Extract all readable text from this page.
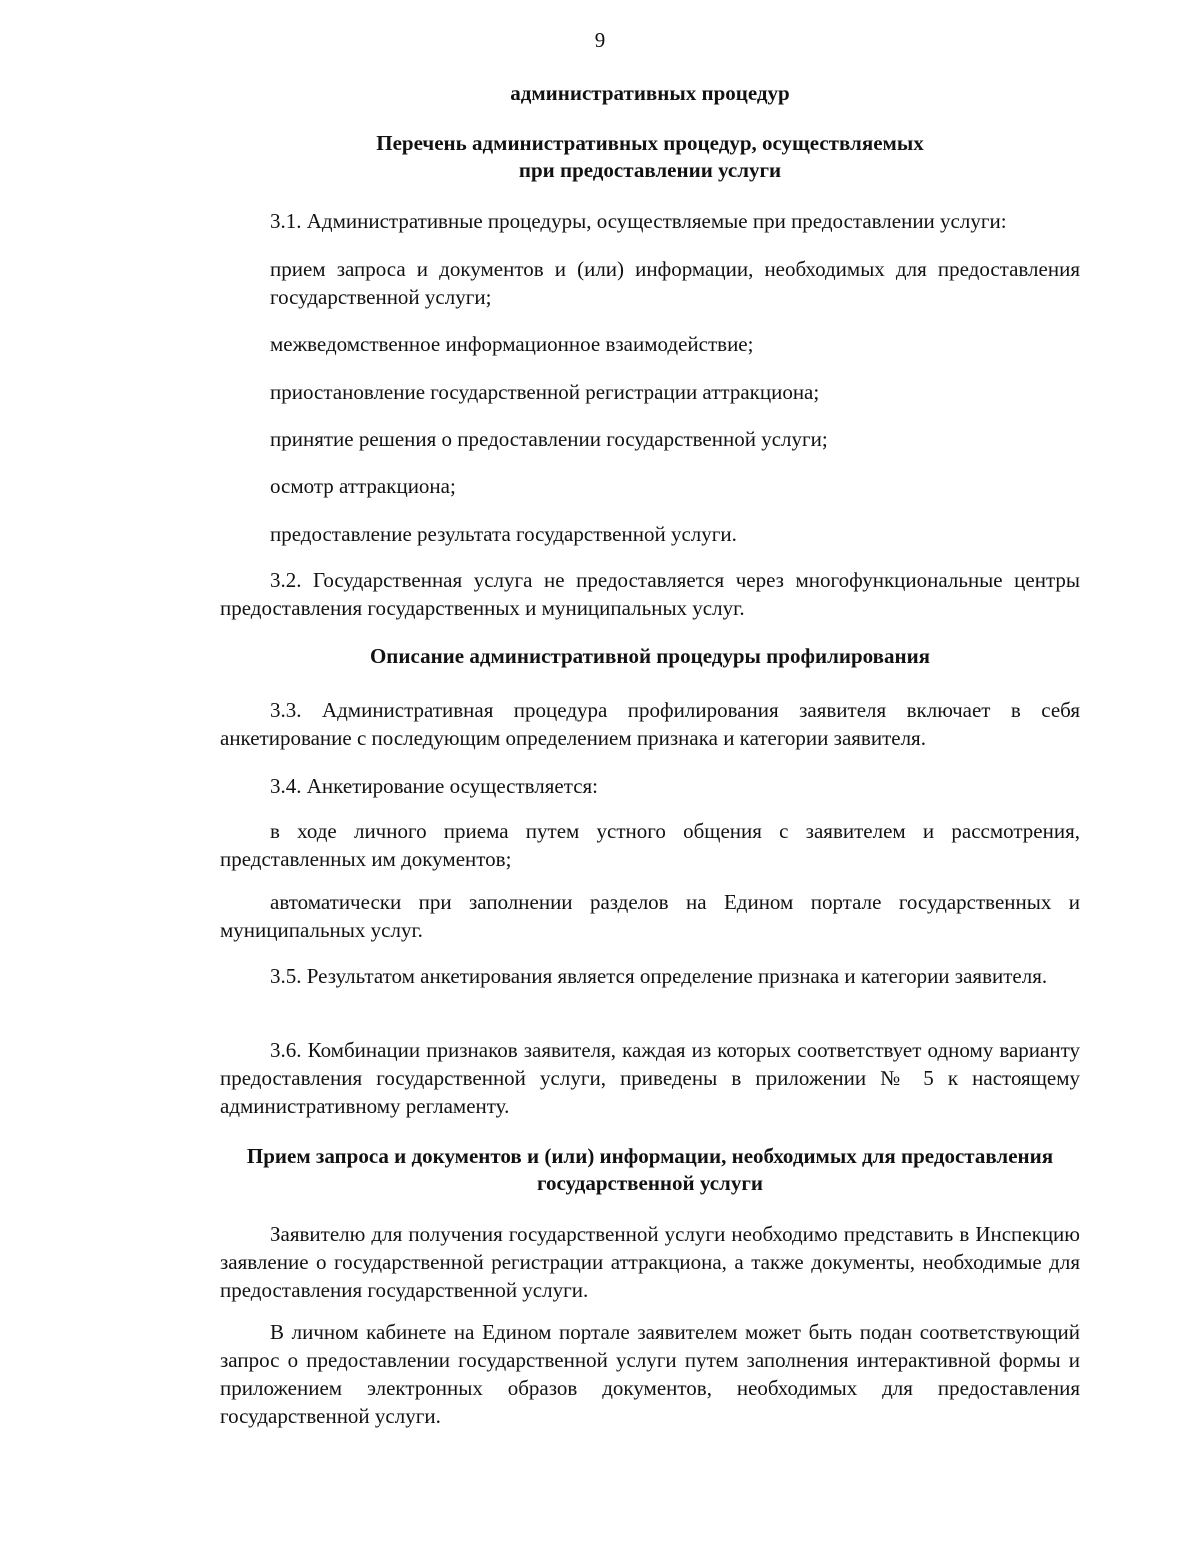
9
административных процедур
Перечень административных процедур, осуществляемых
при предоставлении услуги
3.1. Административные процедуры, осуществляемые при предоставлении услуги:
прием запроса и документов и (или) информации, необходимых для предоставления государственной услуги;
межведомственное информационное взаимодействие;
приостановление государственной регистрации аттракциона;
принятие решения о предоставлении государственной услуги;
осмотр аттракциона;
предоставление результата государственной услуги.
3.2. Государственная услуга не предоставляется через многофункциональные центры предоставления государственных и муниципальных услуг.
Описание административной процедуры профилирования
3.3. Административная процедура профилирования заявителя включает в себя анкетирование с последующим определением признака и категории заявителя.
3.4. Анкетирование осуществляется:
в ходе личного приема путем устного общения с заявителем и рассмотрения, представленных им документов;
автоматически при заполнении разделов на Едином портале государственных и муниципальных услуг.
3.5. Результатом анкетирования является определение признака и категории заявителя.
3.6. Комбинации признаков заявителя, каждая из которых соответствует одному варианту предоставления государственной услуги, приведены в приложении № 5 к настоящему административному регламенту.
Прием запроса и документов и (или) информации, необходимых для предоставления
государственной услуги
Заявителю для получения государственной услуги необходимо представить в Инспекцию заявление о государственной регистрации аттракциона, а также документы, необходимые для предоставления государственной услуги.
В личном кабинете на Едином портале заявителем может быть подан соответствующий запрос о предоставлении государственной услуги путем заполнения интерактивной формы и приложением электронных образов документов, необходимых для предоставления государственной услуги.
